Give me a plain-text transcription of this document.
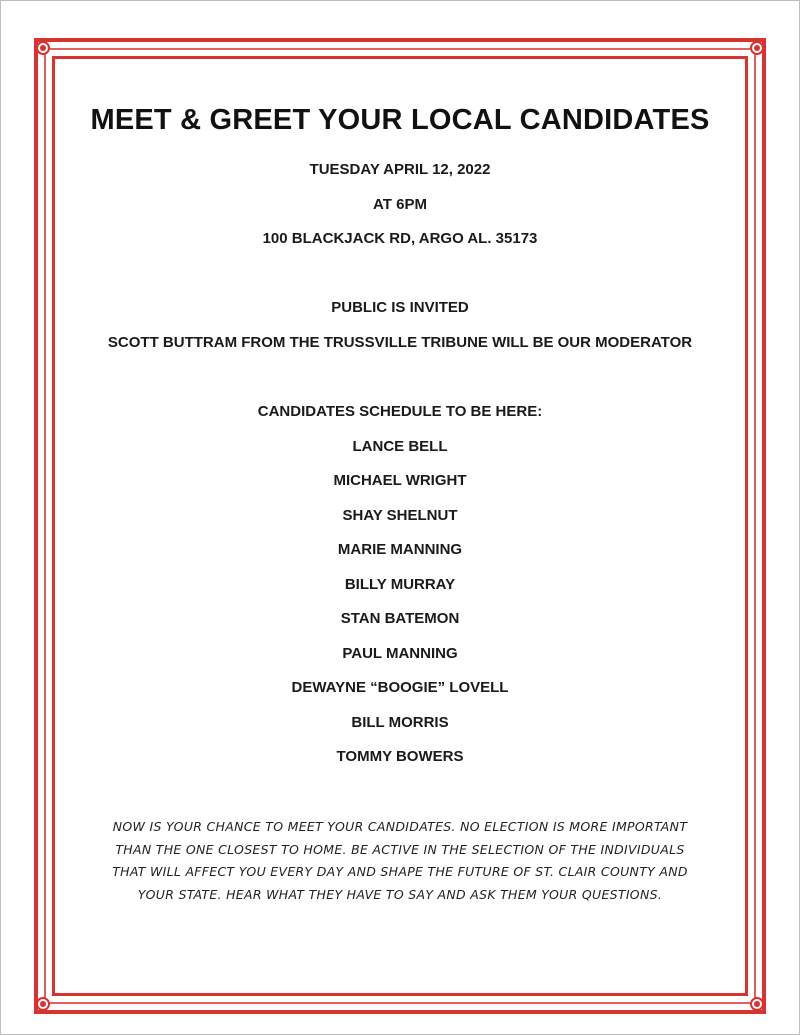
MEET & GREET YOUR LOCAL CANDIDATES

TUESDAY APRIL 12, 2022

AT 6PM

100 BLACKJACK RD, ARGO AL. 35173

PUBLIC IS INVITED

SCOTT BUTTRAM FROM THE TRUSSVILLE TRIBUNE WILL BE OUR MODERATOR

CANDIDATES SCHEDULE TO BE HERE:

LANCE BELL
MICHAEL WRIGHT
SHAY SHELNUT
MARIE MANNING
BILLY MURRAY
STAN BATEMON
PAUL MANNING
DEWAYNE “BOOGIE” LOVELL
BILL MORRIS
TOMMY BOWERS

NOW IS YOUR CHANCE TO MEET YOUR CANDIDATES. NO ELECTION IS MORE IMPORTANT THAN THE ONE CLOSEST TO HOME. BE ACTIVE IN THE SELECTION OF THE INDIVIDUALS THAT WILL AFFECT YOU EVERY DAY AND SHAPE THE FUTURE OF ST. CLAIR COUNTY AND YOUR STATE. HEAR WHAT THEY HAVE TO SAY AND ASK THEM YOUR QUESTIONS.
